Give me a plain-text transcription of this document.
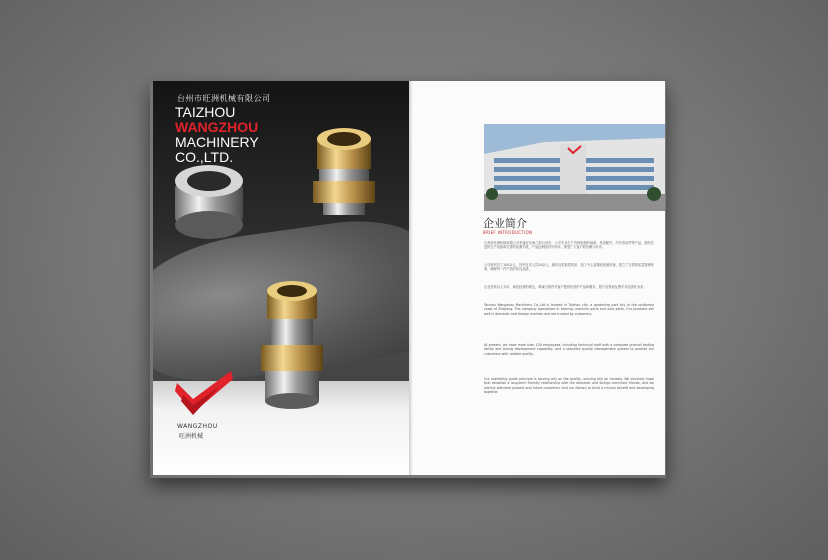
台州市旺洲机械有限公司
TAIZHOU
WANGZHOU
MACHINERY
CO.,LTD.
WANGZHOU
旺洲机械
企业简介
BRIEF INTRODUCTION
台州市旺洲机械有限公司坐落在东海之滨台州市，公司专业生产各种规格的轴承、机床配件、汽车零部件等产品，拥有先进的生产设备和完善的检测手段，产品远销国内外市场，深受广大客户的信赖与好评。
公司现有员工100余人，其中技术人员20余人，拥有各类数控机床、加工中心及精密检测设备，建立了完善的质量管理体系，确保每一件产品的优良品质。
企业坚持以人为本、诚信经营的理念，竭诚为国内外客户提供优质的产品和服务，愿与各界朋友携手共创美好未来。
Taizhou Wangzhou Machinery Co.,Ltd is located in Taizhou city, a gardening port city in the southeast coast of Zhejiang. The company specializes in bearing, machine parts and auto parts. Our products sell well in domestic and foreign markets and are trusted by customers.
At present, we have more than 100 employees, including technical staff with a complete product testing ability and strong development capability, and a standard quality management system to provide our customers with reliable quality.
Our marketing guide principle is serving rely on the quality, winning rely on honesty. We sincerely hope that establish a long-term friendly relationship with the domestic and foreign merchant friends, and we warmly welcome present and future customers visit our factory to build a mutual benefit and developing together.
